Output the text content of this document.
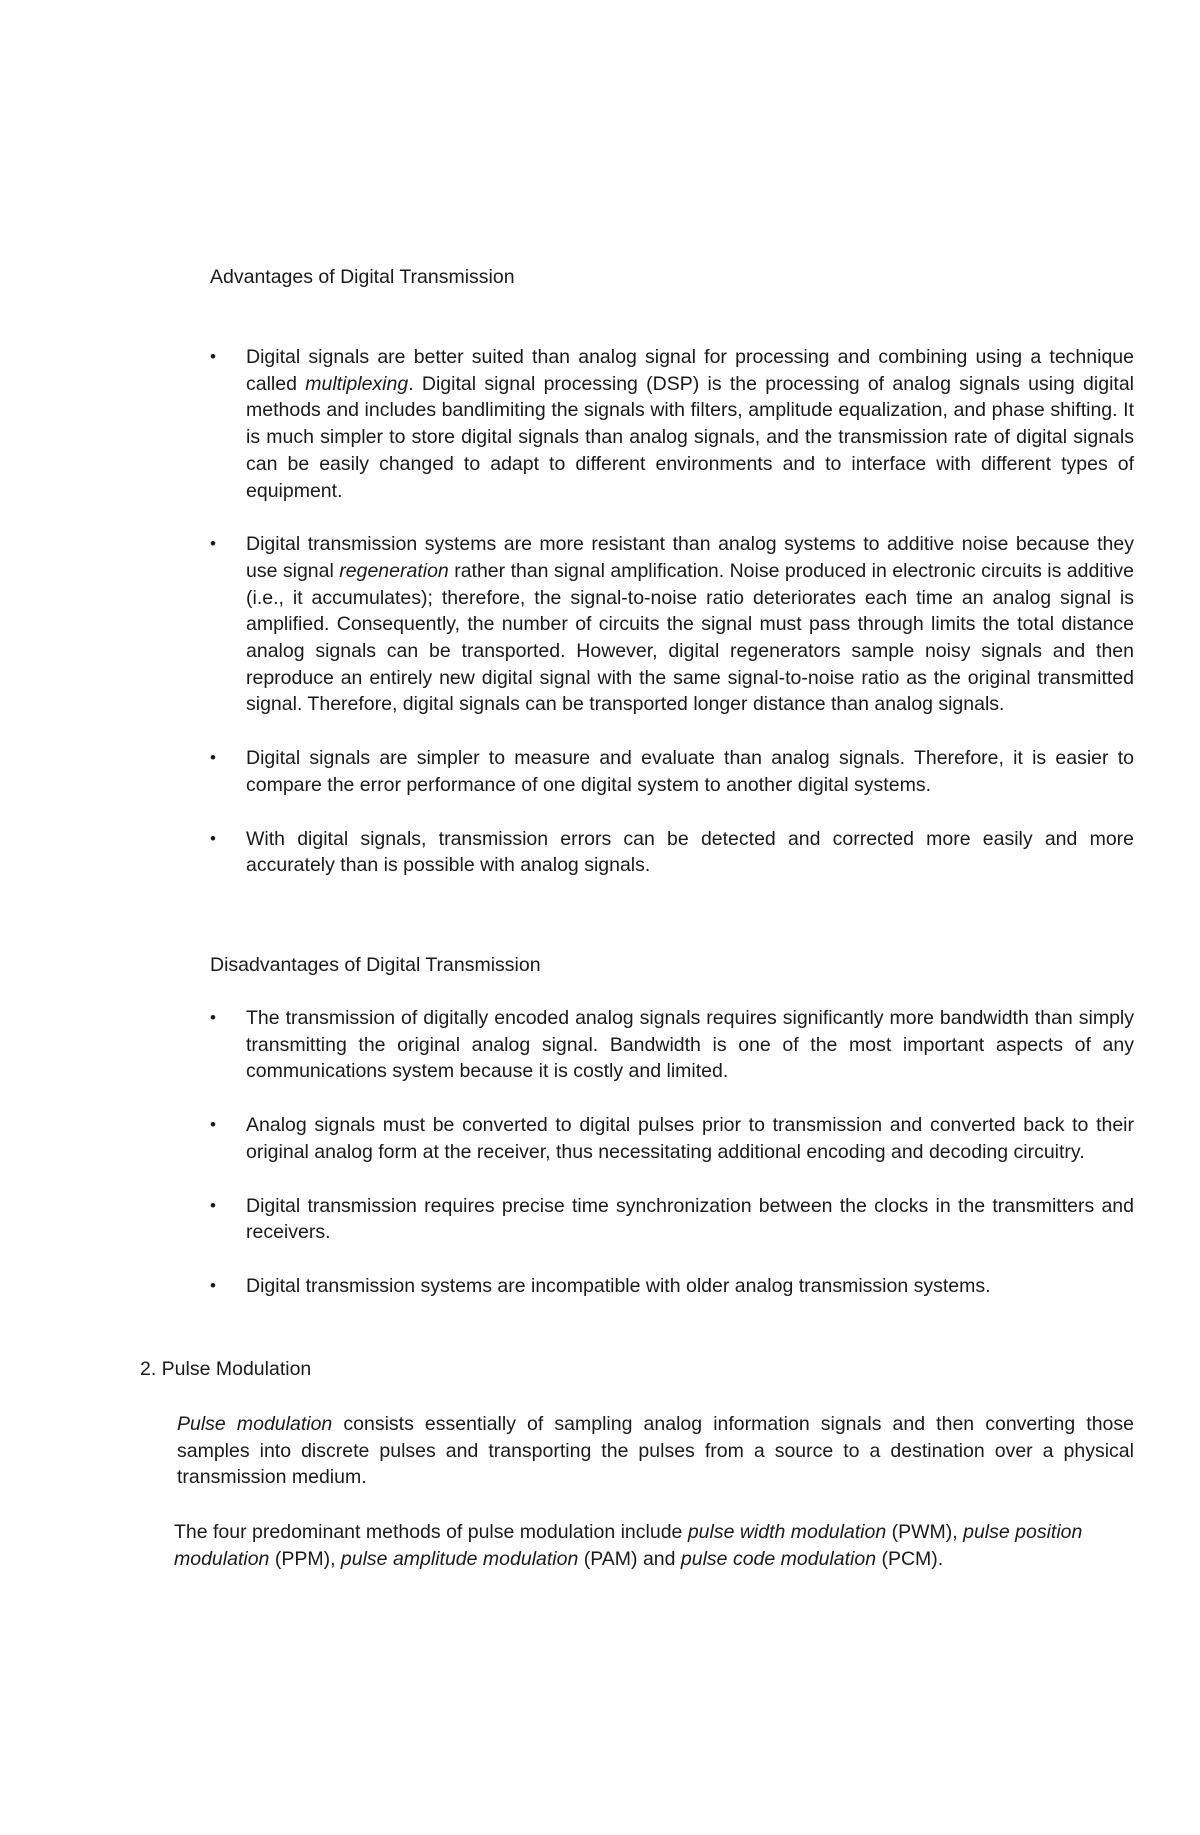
Advantages of Digital Transmission
•	Digital signals are better suited than analog signal for processing and combining using a technique called multiplexing. Digital signal processing (DSP) is the processing of analog signals using digital methods and includes bandlimiting the signals with filters, amplitude equalization, and phase shifting. It is much simpler to store digital signals than analog signals, and the transmission rate of digital signals can be easily changed to adapt to different environments and to interface with different types of equipment.
•	Digital transmission systems are more resistant than analog systems to additive noise because they use signal regeneration rather than signal amplification. Noise produced in electronic circuits is additive (i.e., it accumulates); therefore, the signal-to-noise ratio deteriorates each time an analog signal is amplified. Consequently, the number of circuits the signal must pass through limits the total distance analog signals can be transported. However, digital regenerators sample noisy signals and then reproduce an entirely new digital signal with the same signal-to-noise ratio as the original transmitted signal. Therefore, digital signals can be transported longer distance than analog signals.
•	Digital signals are simpler to measure and evaluate than analog signals. Therefore, it is easier to compare the error performance of one digital system to another digital systems.
•	With digital signals, transmission errors can be detected and corrected more easily and more accurately than is possible with analog signals.
Disadvantages of Digital Transmission
•	The transmission of digitally encoded analog signals requires significantly more bandwidth than simply transmitting the original analog signal. Bandwidth is one of the most important aspects of any communications system because it is costly and limited.
•	Analog signals must be converted to digital pulses prior to transmission and converted back to their original analog form at the receiver, thus necessitating additional encoding and decoding circuitry.
•	Digital transmission requires precise time synchronization between the clocks in the transmitters and receivers.
•	Digital transmission systems are incompatible with older analog transmission systems.
2. Pulse Modulation

Pulse modulation consists essentially of sampling analog information signals and then converting those samples into discrete pulses and transporting the pulses from a source to a destination over a physical transmission medium.

The four predominant methods of pulse modulation include pulse width modulation (PWM), pulse position modulation (PPM), pulse amplitude modulation (PAM) and pulse code modulation (PCM).
